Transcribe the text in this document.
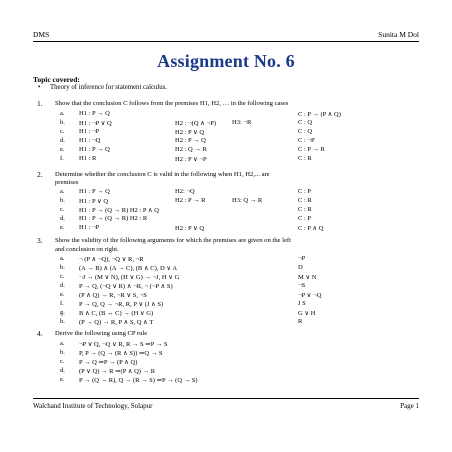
DMS	Sunita M Dol
Assignment No. 6
Topic covered:
• Theory of inference for statement calculus.
1. Show that the conclusion C follows from the premises H1, H2, … in the following cases
a. H1 : P → Q	C : P → (P ∧ Q)
b. H1 : ¬P ∨ Q	H2 : ¬(Q ∧ ¬P) H3: ¬R	C : Q
c. H1 : ¬P	H2 : P ∨ Q	C : Q
d. H1 : ¬Q	H2 : P → Q	C : ¬P
e. H1 : P → Q	H2 : Q → R	C : P → R
f. H1 : R	H2 : P ∨ ¬P	C : R
2. Determine whether the conclusion C is valid in the following when H1, H2,... are
premises
a. H1 : P → Q	H2: ¬Q	C : P
b. H1 : P ∨ Q	H2 : P → R	H3: Q → R	C : R
c. H1 : P → (Q → R) H2 : P ∧ Q	C : R
d. H1 : P → (Q → R) H2 : R	C : P
e. H1 : ¬P	H2 : P ∨ Q	C : P ∧ Q
3. Show the validity of the following arguments for which the premises are given on the left
and conclusion on right.
a. ¬ (P ∧ ¬Q), ¬Q ∨ R, ¬R	¬P
b. (A → B) ∧ (A → C), (B ∧ C), D ∨ A	D
c. ¬J → (M ∨ N), (H ∨ G) → ¬J, H ∨ G	M ∨ N
d. P → Q, (¬Q ∨ R) ∧ ¬R, ¬ (¬P ∧ S)	¬S
e. (P ∧ Q) → R, ¬R ∨ S, ¬S	¬P ∨ ¬Q
f. P → Q, Q → ¬R, R, P ∨ (J ∧ S)	J S
g. B ∧ C, (B ↔ C) → (H ∨ G)	G ∨ H
h. (P → Q) → R, P ∧ S, Q ∧ T	R
4. Derive the following using CP rule
a. ¬P ∨ Q, ¬Q ∨ R, R → S ⇒P → S
b. P, P → (Q → (R ∧ S)) ⇒Q → S
c. P → Q ⇒P → (P ∧ Q)
d. (P ∨ Q) → R ⇒(P ∧ Q) → R
e. P → (Q → R), Q → (R → S) ⇒P → (Q → S)
Walchand Institute of Technology, Solapur	Page 1
